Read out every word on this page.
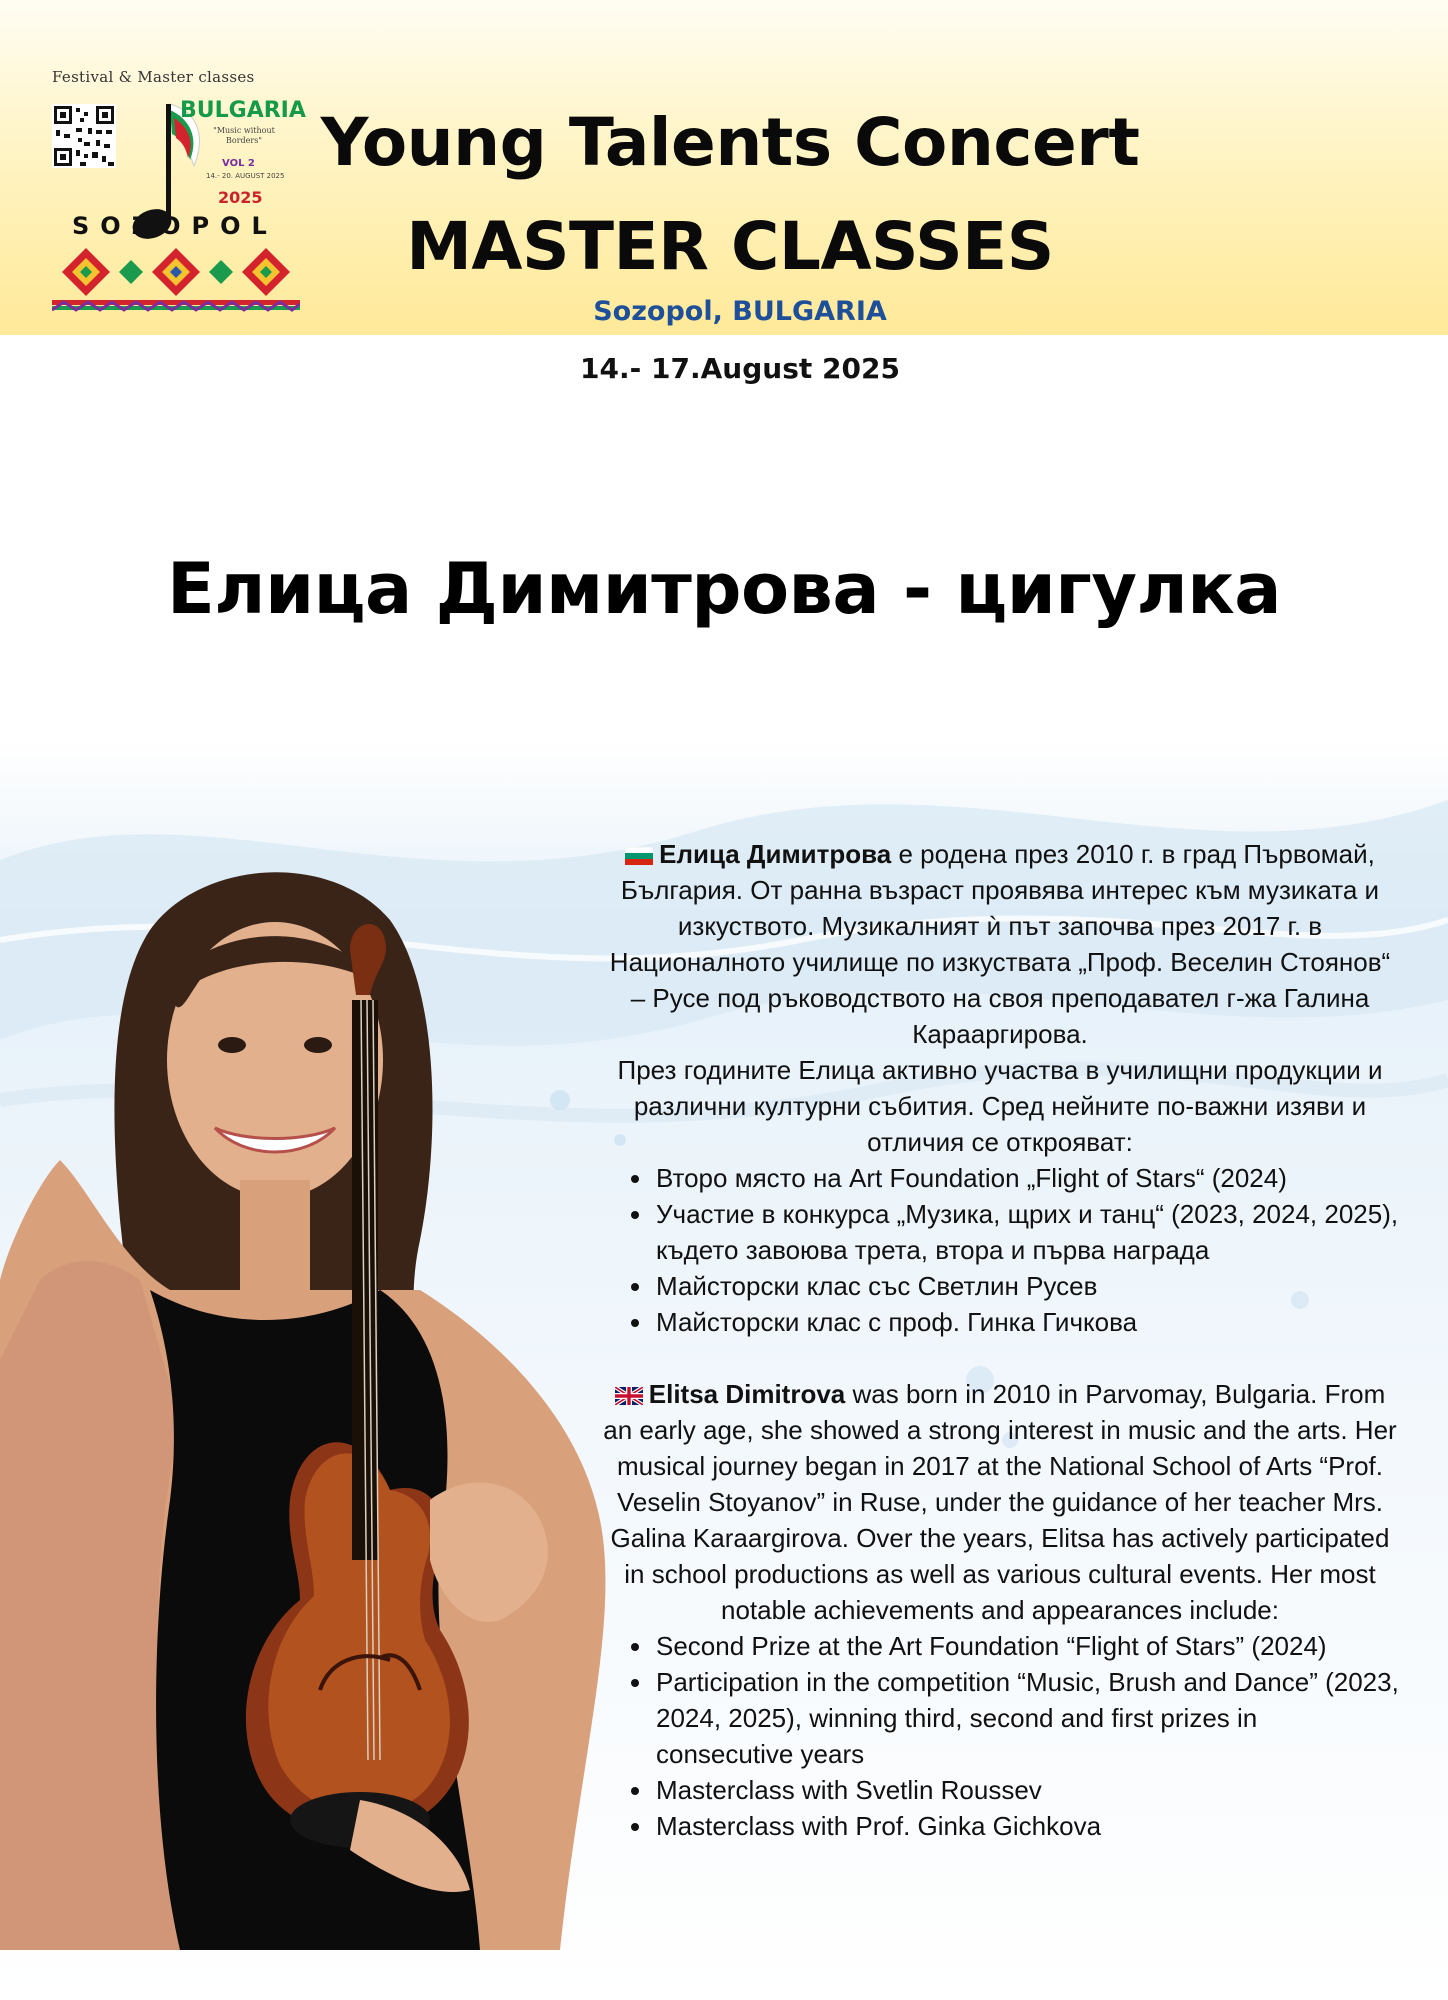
Festival & Master classes
BULGARIA
"Music without Borders"
VOL 2
14.- 20. AUGUST 2025
2025
SOZOPOL
Young Talents Concert
MASTER CLASSES
Sozopol, BULGARIA
14.- 17.August 2025
Елица Димитрова - цигулка

Елица Димитрова е родена през 2010 г. в град Първомай, България. От ранна възраст проявява интерес към музиката и изкуството. Музикалният ѝ път започва през 2017 г. в Националното училище по изкуствата „Проф. Веселин Стоянов“ – Русе под ръководството на своя преподавател г-жа Галина Карааргирова.

През годините Елица активно участва в училищни продукции и различни културни събития. Сред нейните по-важни изяви и отличия се открояват:

• Второ място на Art Foundation „Flight of Stars“ (2024)
• Участие в конкурса „Музика, щрих и танц“ (2023, 2024, 2025), където завоюва трета, втора и първа награда
• Майсторски клас със Светлин Русев
• Майсторски клас с проф. Гинка Гичкова

Elitsa Dimitrova was born in 2010 in Parvomay, Bulgaria. From an early age, she showed a strong interest in music and the arts. Her musical journey began in 2017 at the National School of Arts “Prof. Veselin Stoyanov” in Ruse, under the guidance of her teacher Mrs. Galina Karaargirova. Over the years, Elitsa has actively participated in school productions as well as various cultural events. Her most notable achievements and appearances include:

• Second Prize at the Art Foundation “Flight of Stars” (2024)
• Participation in the competition “Music, Brush and Dance” (2023, 2024, 2025), winning third, second and first prizes in consecutive years
• Masterclass with Svetlin Roussev
• Masterclass with Prof. Ginka Gichkova
